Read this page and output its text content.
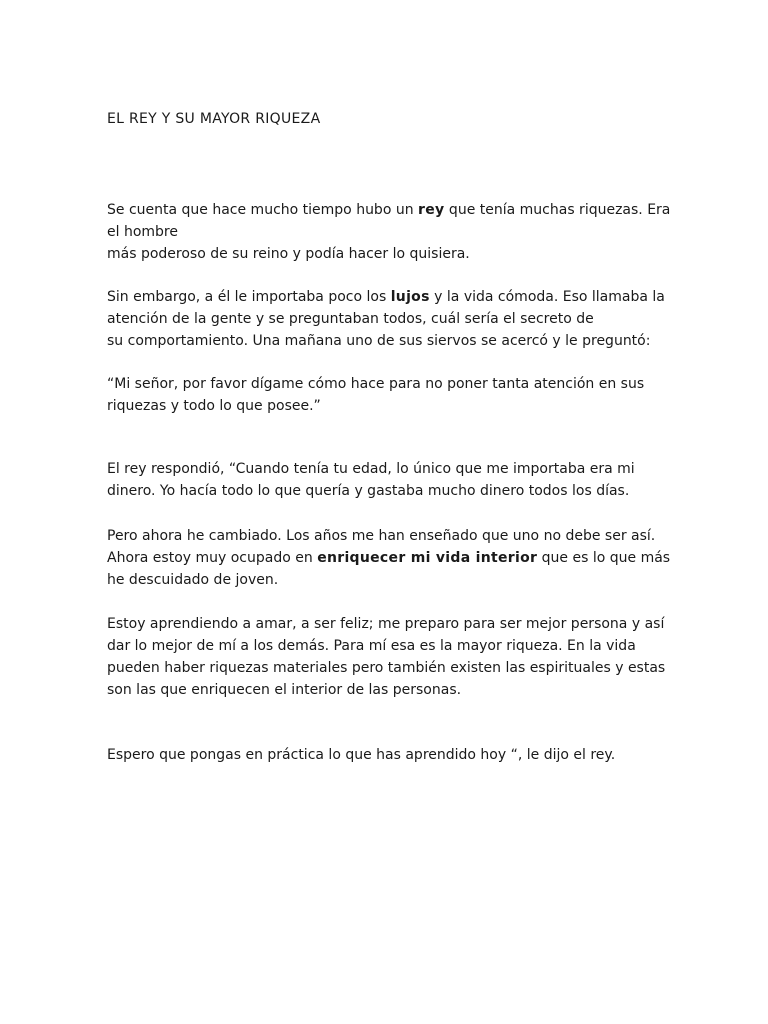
EL REY Y SU MAYOR RIQUEZA

Se cuenta que hace mucho tiempo hubo un rey que tenía muchas riquezas. Era
el hombre
más poderoso de su reino y podía hacer lo quisiera.

Sin embargo, a él le importaba poco los lujos y la vida cómoda. Eso llamaba la
atención de la gente y se preguntaban todos, cuál sería el secreto de
su comportamiento. Una mañana uno de sus siervos se acercó y le preguntó:

“Mi señor, por favor dígame cómo hace para no poner tanta atención en sus
riquezas y todo lo que posee.”

El rey respondió, “Cuando tenía tu edad, lo único que me importaba era mi
dinero. Yo hacía todo lo que quería y gastaba mucho dinero todos los días.

Pero ahora he cambiado. Los años me han enseñado que uno no debe ser así.
Ahora estoy muy ocupado en enriquecer mi vida interior que es lo que más
he descuidado de joven.

Estoy aprendiendo a amar, a ser feliz; me preparo para ser mejor persona y así
dar lo mejor de mí a los demás. Para mí esa es la mayor riqueza. En la vida
pueden haber riquezas materiales pero también existen las espirituales y estas
son las que enriquecen el interior de las personas.

Espero que pongas en práctica lo que has aprendido hoy “, le dijo el rey.
